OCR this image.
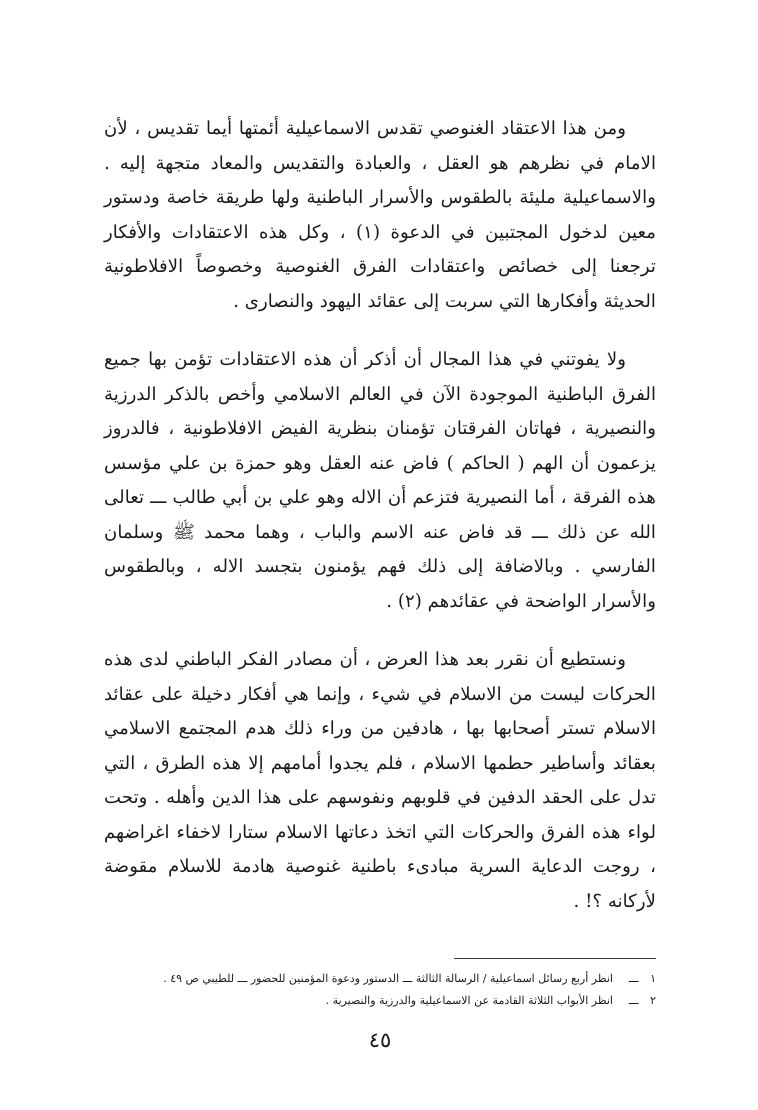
ومن هذا الاعتقاد الغنوصي تقدس الاسماعيلية أئمتها أيما تقديس ، لأن الامام في نظرهم هو العقل ، والعبادة والتقديس والمعاد متجهة إليه . والاسماعيلية مليئة بالطقوس والأسرار الباطنية ولها طريقة خاصة ودستور معين لدخول المجتبين في الدعوة (١) ، وكل هذه الاعتقادات والأفكار ترجعنا إلى خصائص واعتقادات الفرق الغنوصية وخصوصاً الافلاطونية الحديثة وأفكارها التي سربت إلى عقائد اليهود والنصارى .

ولا يفوتني في هذا المجال أن أذكر أن هذه الاعتقادات تؤمن بها جميع الفرق الباطنية الموجودة الآن في العالم الاسلامي وأخص بالذكر الدرزية والنصيرية ، فهاتان الفرقتان تؤمنان بنظرية الفيض الافلاطونية ، فالدروز يزعمون أن الهم ( الحاكم ) فاض عنه العقل وهو حمزة بن علي مؤسس هذه الفرقة ، أما النصيرية فتزعم أن الاله وهو علي بن أبي طالب ـــ تعالى الله عن ذلك ـــ قد فاض عنه الاسم والباب ، وهما محمد ﷺ وسلمان الفارسي . وبالاضافة إلى ذلك فهم يؤمنون بتجسد الاله ، وبالطقوس والأسرار الواضحة في عقائدهم (٢) .

ونستطيع أن نقرر بعد هذا العرض ، أن مصادر الفكر الباطني لدى هذه الحركات ليست من الاسلام في شيء ، وإنما هي أفكار دخيلة على عقائد الاسلام تستر أصحابها بها ، هادفين من وراء ذلك هدم المجتمع الاسلامي بعقائد وأساطير حطمها الاسلام ، فلم يجدوا أمامهم إلا هذه الطرق ، التي تدل على الحقد الدفين في قلوبهم ونفوسهم على هذا الدين وأهله . وتحت لواء هذه الفرق والحركات التي اتخذ دعاتها الاسلام ستارا لاخفاء اغراضهم ، روجت الدعاية السرية مبادىء باطنية غنوصية هادمة للاسلام مقوضة لأركانه ؟! .

١ ـــ انظر أربع رسائل اسماعيلية / الرسالة الثالثة ـــ الدستور ودعوة المؤمنين للحضور ـــ للطيبي ص ٤٩ .
٢ ـــ انظر الأبواب الثلاثة القادمة عن الاسماعيلية والدرزية والنصيرية .
٤٥
